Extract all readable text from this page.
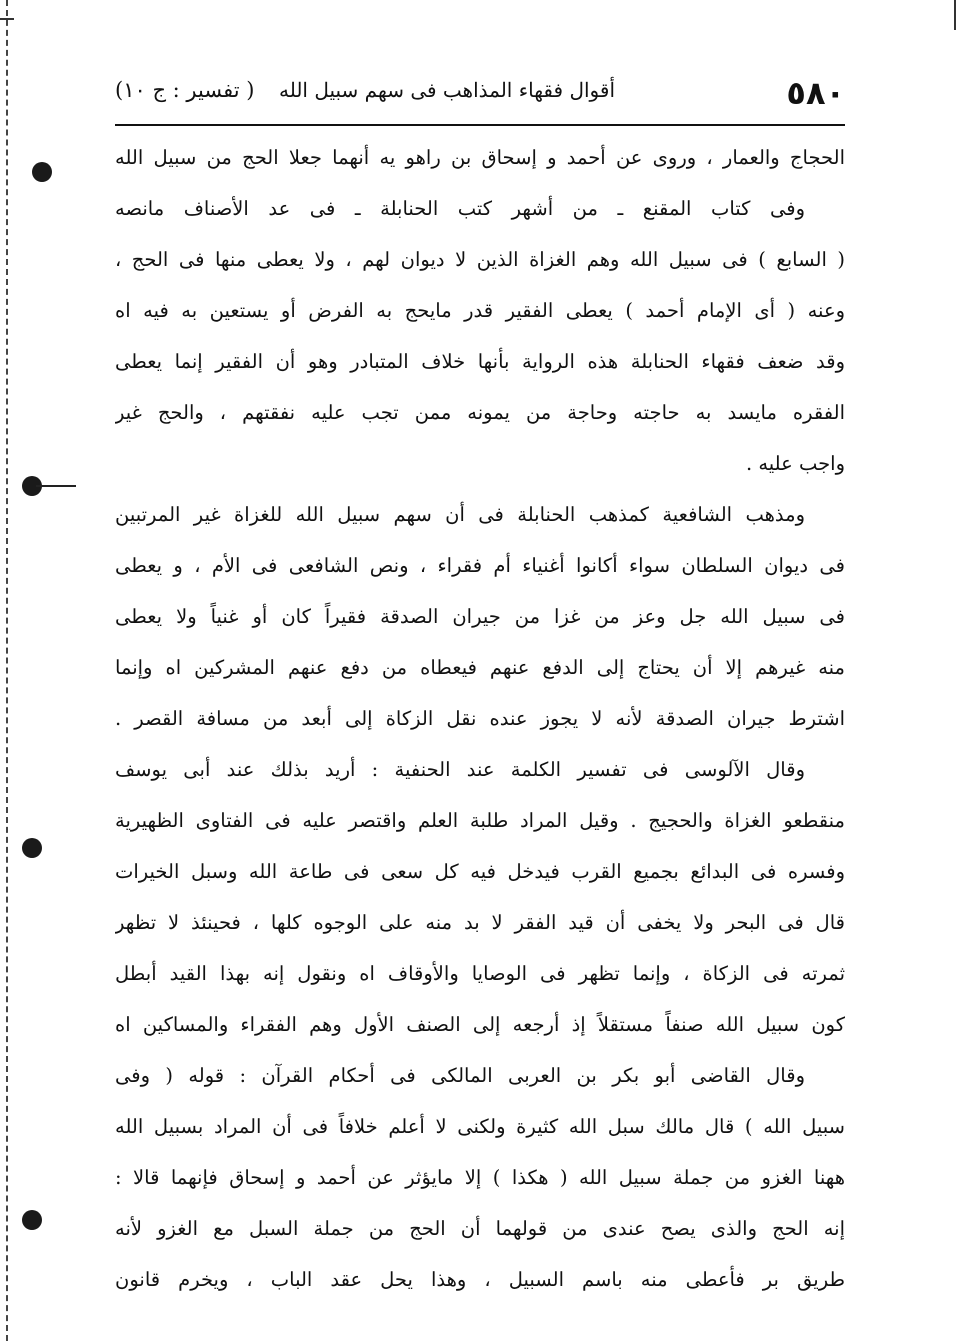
٥٨٠
أقوال فقهاء المذاهب فى سهم سبيل الله
( تفسير : ج ١٠)
الحجاج والعمار ، وروى عن أحمد و إسحاق بن راهو يه أنهما جعلا الحج من سبيل الله
وفى كتاب المقنع ـ من أشهر كتب الحنابلة ـ فى عد الأصناف مانصه
( السابع ) فى سبيل الله وهم الغزاة الذين لا ديوان لهم ، ولا يعطى منها فى الحج ،
وعنه ( أى الإمام أحمد ) يعطى الفقير قدر مايحج به الفرض أو يستعين به فيه اه
وقد ضعف فقهاء الحنابلة هذه الرواية بأنها خلاف المتبادر وهو أن الفقير إنما يعطى
الفقره مايسد به حاجته وحاجة من يمونه ممن تجب عليه نفقتهم ، والحج غير
واجب عليه .
ومذهب الشافعية كمذهب الحنابلة فى أن سهم سبيل الله للغزاة غير المرتبين
فى ديوان السلطان سواء أكانوا أغنياء أم فقراء ، ونص الشافعى فى الأم ، و يعطى
فى سبيل الله جل وعز من غزا من جيران الصدقة فقيراً كان أو غنياً ولا يعطى
منه غيرهم إلا أن يحتاج إلى الدفع عنهم فيعطاه من دفع عنهم المشركين اه وإنما
اشترط جيران الصدقة لأنه لا يجوز عنده نقل الزكاة إلى أبعد من مسافة القصر .
وقال الآلوسى فى تفسير الكلمة عند الحنفية : أريد بذلك عند أبى يوسف
منقطعو الغزاة والحجيج . وقيل المراد طلبة العلم واقتصر عليه فى الفتاوى الظهيرية
وفسره فى البدائع بجميع القرب فيدخل فيه كل سعى فى طاعة الله وسبل الخيرات
قال فى البحر ولا يخفى أن قيد الفقر لا بد منه على الوجوه كلها ، فحينئذ لا تظهر
ثمرته فى الزكاة ، وإنما تظهر فى الوصايا والأوقاف اه ونقول إنه بهذا القيد أبطل
كون سبيل الله صنفاً مستقلاً إذ أرجعه إلى الصنف الأول وهم الفقراء والمساكين اه
وقال القاضى أبو بكر بن العربى المالكى فى أحكام القرآن : قوله ( وفى
سبيل الله ) قال مالك سبل الله كثيرة ولكنى لا أعلم خلافاً فى أن المراد بسبيل الله
ههنا الغزو من جملة سبيل الله ( هكذا ) إلا مايؤثر عن أحمد و إسحاق فإنهما قالا :
إنه الحج والذى يصح عندى من قولهما أن الحج من جملة السبل مع الغزو لأنه
طريق بر فأعطى منه باسم السبيل ، وهذا يحل عقد الباب ، ويخرم قانون
